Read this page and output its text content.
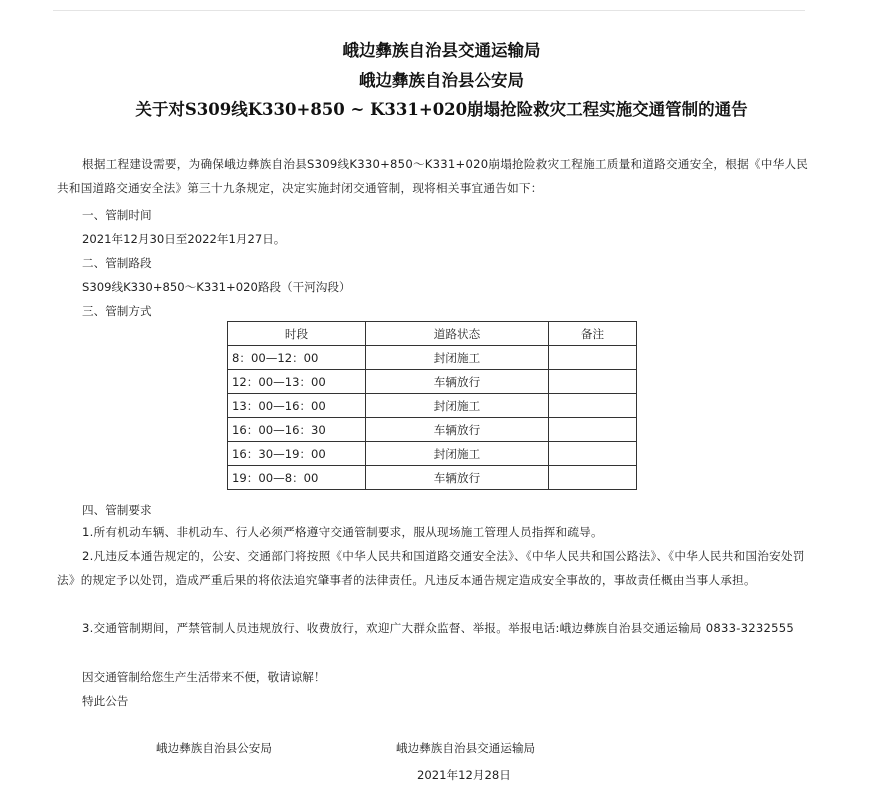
峨边彝族自治县交通运输局
峨边彝族自治县公安局
关于对S309线K330+850 ~ K331+020崩塌抢险救灾工程实施交通管制的通告
根据工程建设需要，为确保峨边彝族自治县S309线K330+850～K331+020崩塌抢险救灾工程施工质量和道路交通安全，根据《中华人民共和国道路交通安全法》第三十九条规定，决定实施封闭交通管制，现将相关事宜通告如下：
一、管制时间
2021年12月30日至2022年1月27日。
二、管制路段
S309线K330+850～K331+020路段（干河沟段）
三、管制方式
时段	道路状态	备注
8：00—12：00	封闭施工	
12：00—13：00	车辆放行	
13：00—16：00	封闭施工	
16：00—16：30	车辆放行	
16：30—19：00	封闭施工	
19：00—8：00	车辆放行	
四、管制要求
1.所有机动车辆、非机动车、行人必须严格遵守交通管制要求，服从现场施工管理人员指挥和疏导。
2.凡违反本通告规定的，公安、交通部门将按照《中华人民共和国道路交通安全法》、《中华人民共和国公路法》、《中华人民共和国治安处罚法》的规定予以处罚，造成严重后果的将依法追究肇事者的法律责任。凡违反本通告规定造成安全事故的，事故责任概由当事人承担。
3.交通管制期间，严禁管制人员违规放行、收费放行，欢迎广大群众监督、举报。举报电话:峨边彝族自治县交通运输局 0833-3232555
因交通管制给您生产生活带来不便，敬请谅解！
特此公告
峨边彝族自治县公安局	峨边彝族自治县交通运输局
2021年12月28日
